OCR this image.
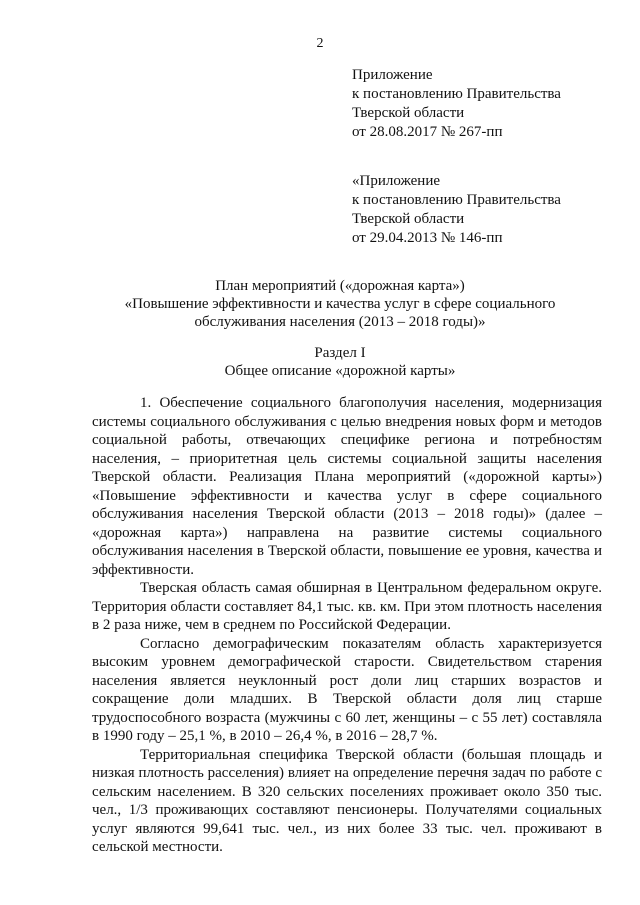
2
Приложение
к постановлению Правительства
Тверской области
от 28.08.2017 № 267-пп
«Приложение
к постановлению Правительства
Тверской области
от 29.04.2013 № 146-пп
План мероприятий («дорожная карта»)
«Повышение эффективности и качества услуг в сфере социального
обслуживания населения (2013 – 2018 годы)»
Раздел I
Общее описание «дорожной карты»

1. Обеспечение социального благополучия населения, модернизация системы социального обслуживания с целью внедрения новых форм и методов социальной работы, отвечающих специфике региона и потребностям населения, – приоритетная цель системы социальной защиты населения Тверской области. Реализация Плана мероприятий («дорожной карты») «Повышение эффективности и качества услуг в сфере социального обслуживания населения Тверской области (2013 – 2018 годы)» (далее – «дорожная карта») направлена на развитие системы социального обслуживания населения в Тверской области, повышение ее уровня, качества и эффективности.

Тверская область самая обширная в Центральном федеральном округе. Территория области составляет 84,1 тыс. кв. км. При этом плотность населения в 2 раза ниже, чем в среднем по Российской Федерации.

Согласно демографическим показателям область характеризуется высоким уровнем демографической старости. Свидетельством старения населения является неуклонный рост доли лиц старших возрастов и сокращение доли младших. В Тверской области доля лиц старше трудоспособного возраста (мужчины с 60 лет, женщины – с 55 лет) составляла в 1990 году – 25,1 %, в 2010 – 26,4 %, в 2016 – 28,7 %.

Территориальная специфика Тверской области (большая площадь и низкая плотность расселения) влияет на определение перечня задач по работе с сельским населением. В 320 сельских поселениях проживает около 350 тыс. чел., 1/3 проживающих составляют пенсионеры. Получателями социальных услуг являются 99,641 тыс. чел., из них более 33 тыс. чел. проживают в сельской местности.
